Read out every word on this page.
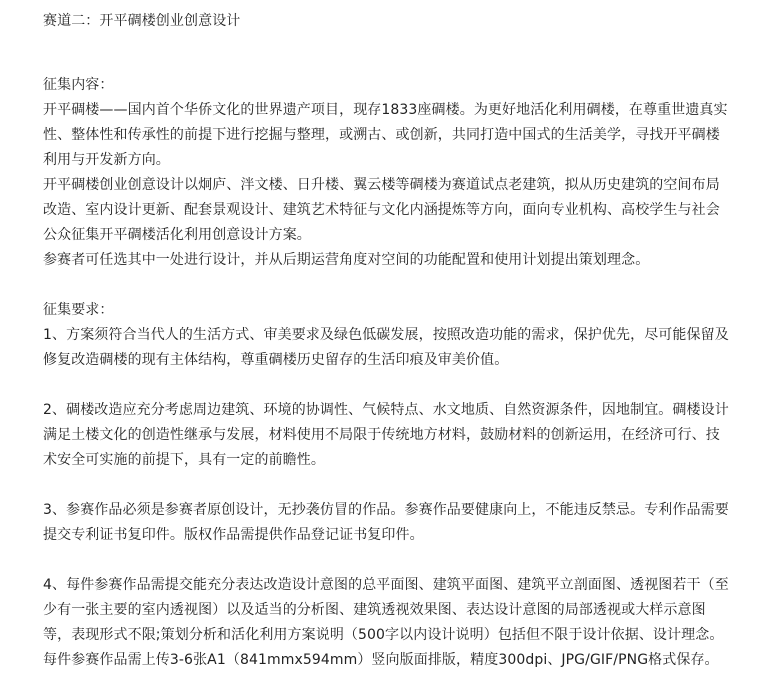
赛道二：开平碉楼创业创意设计

征集内容：

开平碉楼——国内首个华侨文化的世界遗产项目，现存1833座碉楼。为更好地活化利用碉楼，在尊重世遗真实性、整体性和传承性的前提下进行挖掘与整理，或溯古、或创新，共同打造中国式的生活美学，寻找开平碉楼利用与开发新方向。

开平碉楼创业创意设计以炯庐、泮文楼、日升楼、翼云楼等碉楼为赛道试点老建筑，拟从历史建筑的空间布局改造、室内设计更新、配套景观设计、建筑艺术特征与文化内涵提炼等方向，面向专业机构、高校学生与社会公众征集开平碉楼活化利用创意设计方案。

参赛者可任选其中一处进行设计，并从后期运营角度对空间的功能配置和使用计划提出策划理念。

征集要求：

1、方案须符合当代人的生活方式、审美要求及绿色低碳发展，按照改造功能的需求，保护优先，尽可能保留及修复改造碉楼的现有主体结构，尊重碉楼历史留存的生活印痕及审美价值。

2、碉楼改造应充分考虑周边建筑、环境的协调性、气候特点、水文地质、自然资源条件，因地制宜。碉楼设计满足土楼文化的创造性继承与发展，材料使用不局限于传统地方材料，鼓励材料的创新运用，在经济可行、技术安全可实施的前提下，具有一定的前瞻性。

3、参赛作品必须是参赛者原创设计，无抄袭仿冒的作品。参赛作品要健康向上，不能违反禁忌。专利作品需要提交专利证书复印件。版权作品需提供作品登记证书复印件。

4、每件参赛作品需提交能充分表达改造设计意图的总平面图、建筑平面图、建筑平立剖面图、透视图若干（至少有一张主要的室内透视图）以及适当的分析图、建筑透视效果图、表达设计意图的局部透视或大样示意图等，表现形式不限;策划分析和活化利用方案说明（500字以内设计说明）包括但不限于设计依据、设计理念。每件参赛作品需上传3-6张A1（841mmx594mm）竖向版面排版，精度300dpi、JPG/GIF/PNG格式保存。
